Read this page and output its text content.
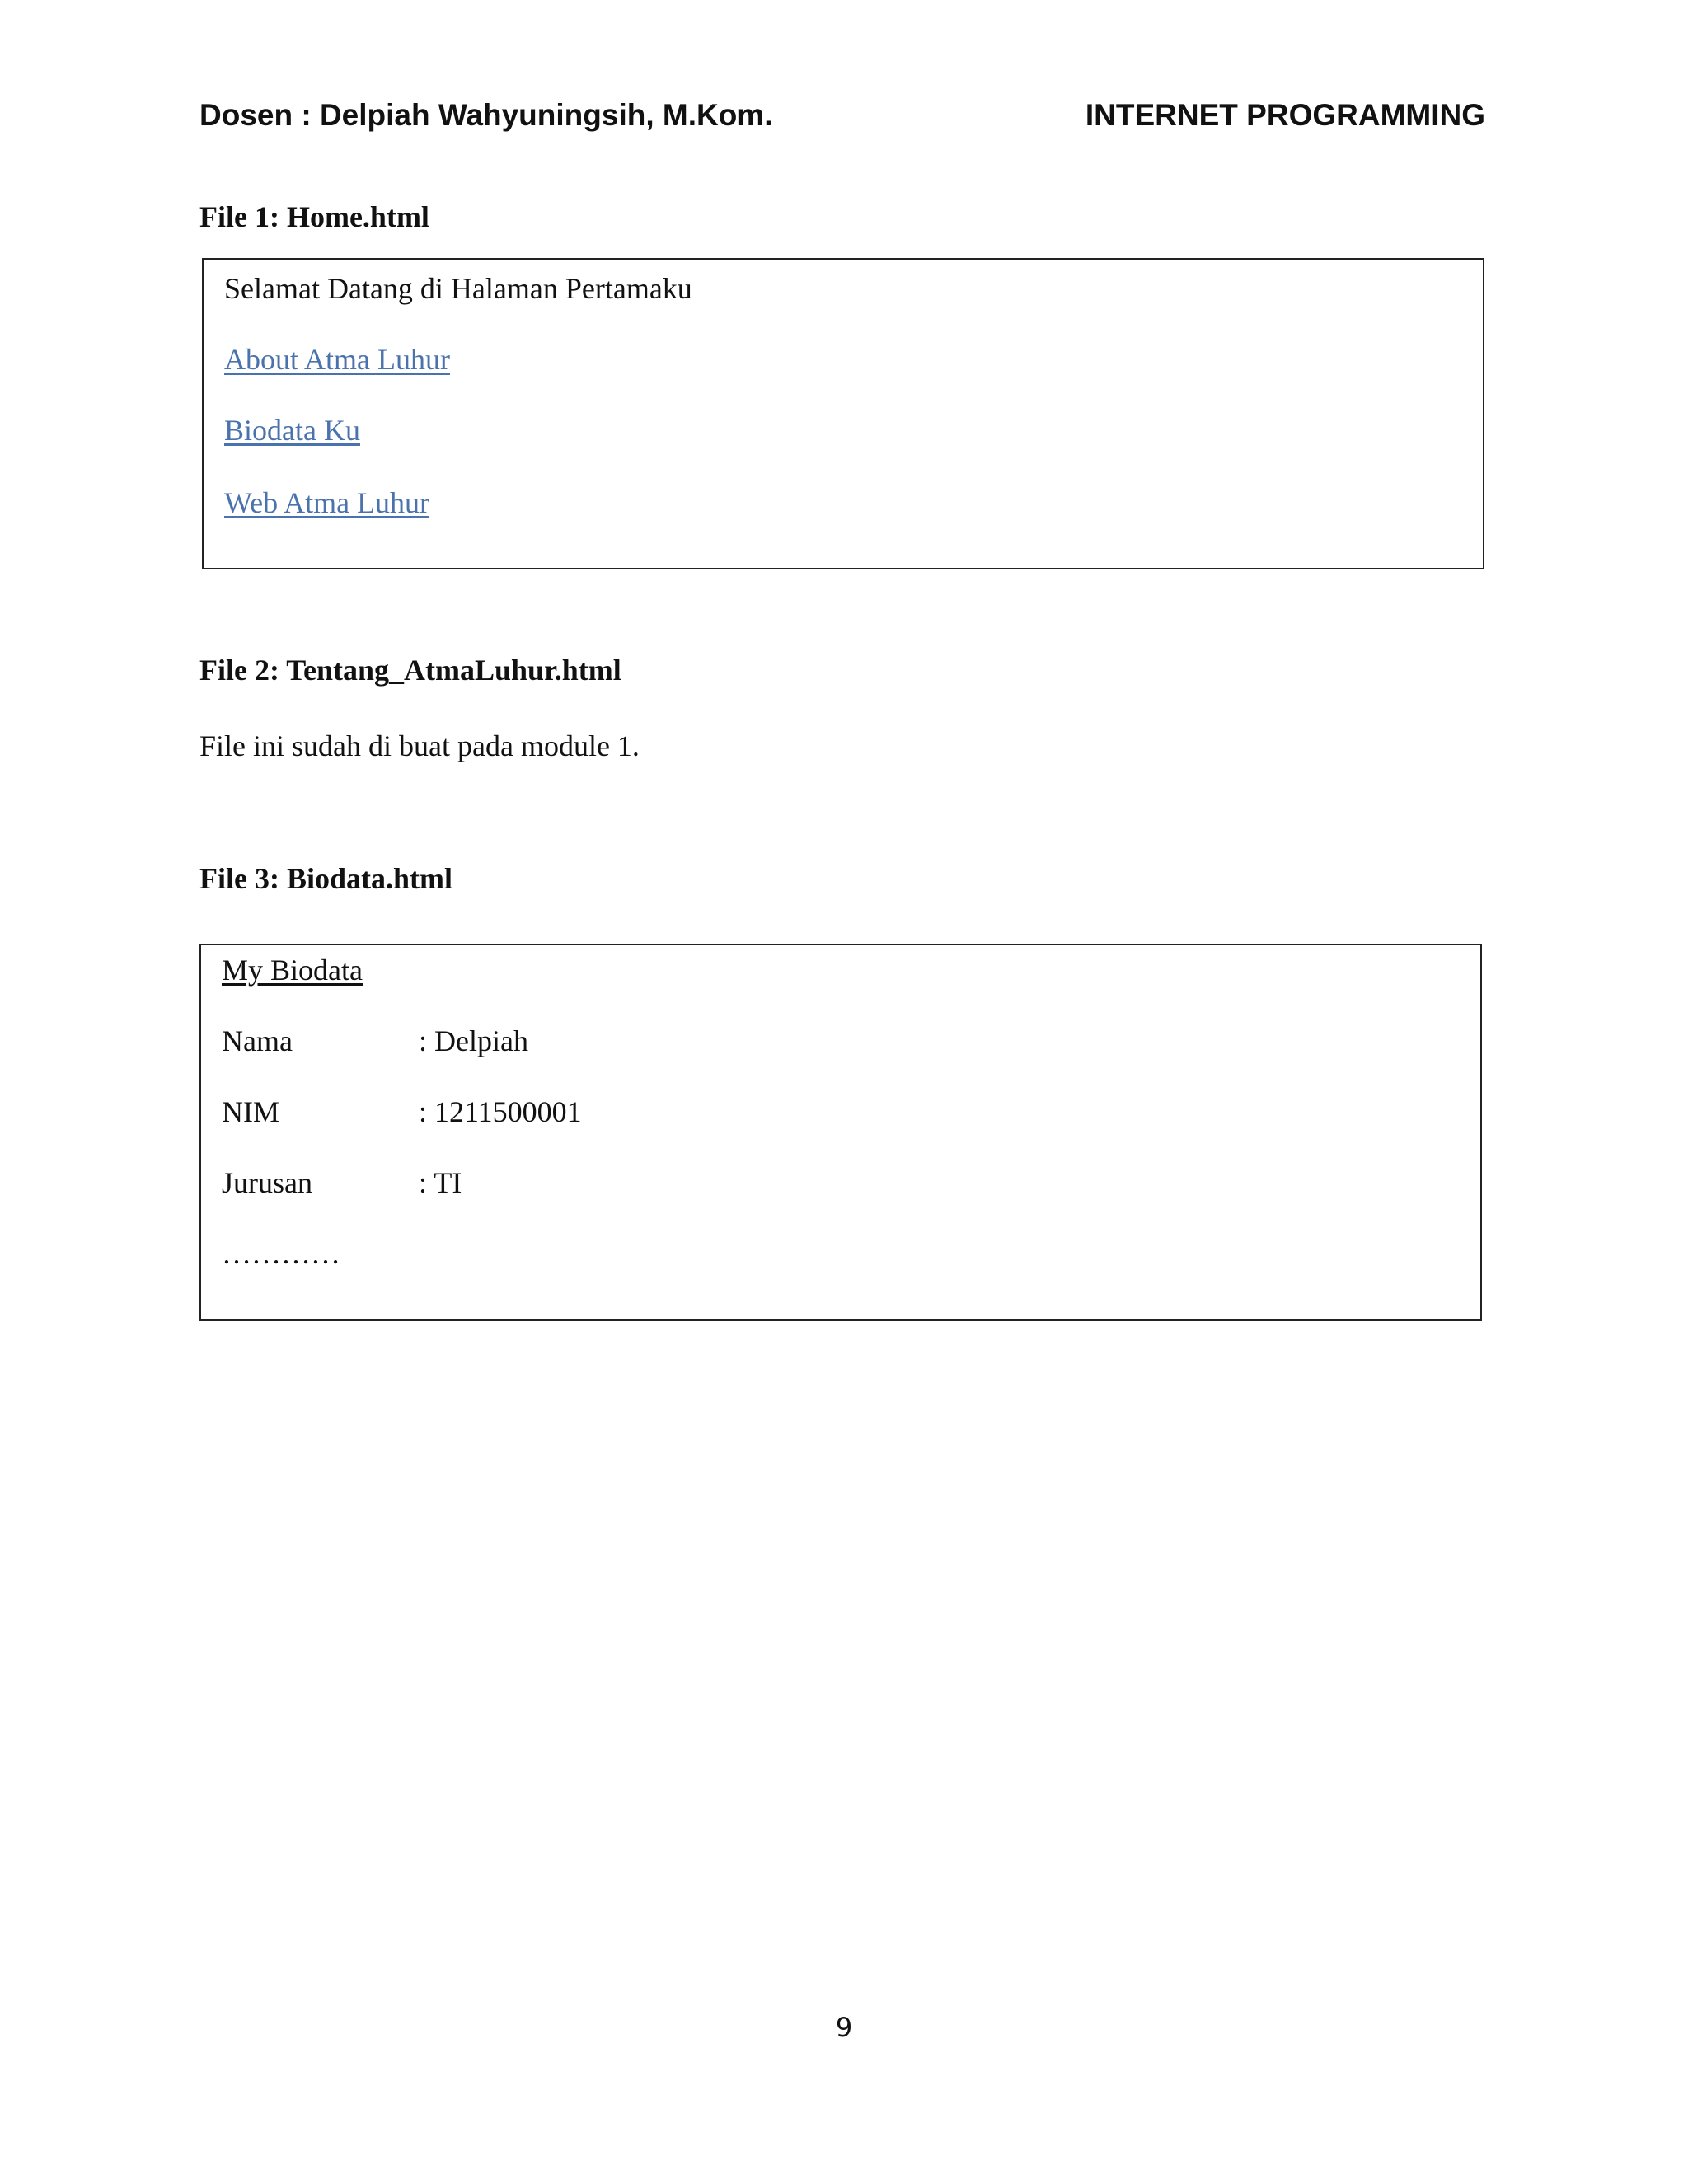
Dosen : Delpiah Wahyuningsih, M.Kom.	INTERNET PROGRAMMING
File 1: Home.html
Selamat Datang di Halaman Pertamaku
About Atma Luhur
Biodata Ku
Web Atma Luhur
File 2: Tentang_AtmaLuhur.html
File ini sudah di buat pada module 1.
File 3: Biodata.html
My Biodata
Nama	: Delpiah
NIM	: 1211500001
Jurusan	: TI
…………
9
